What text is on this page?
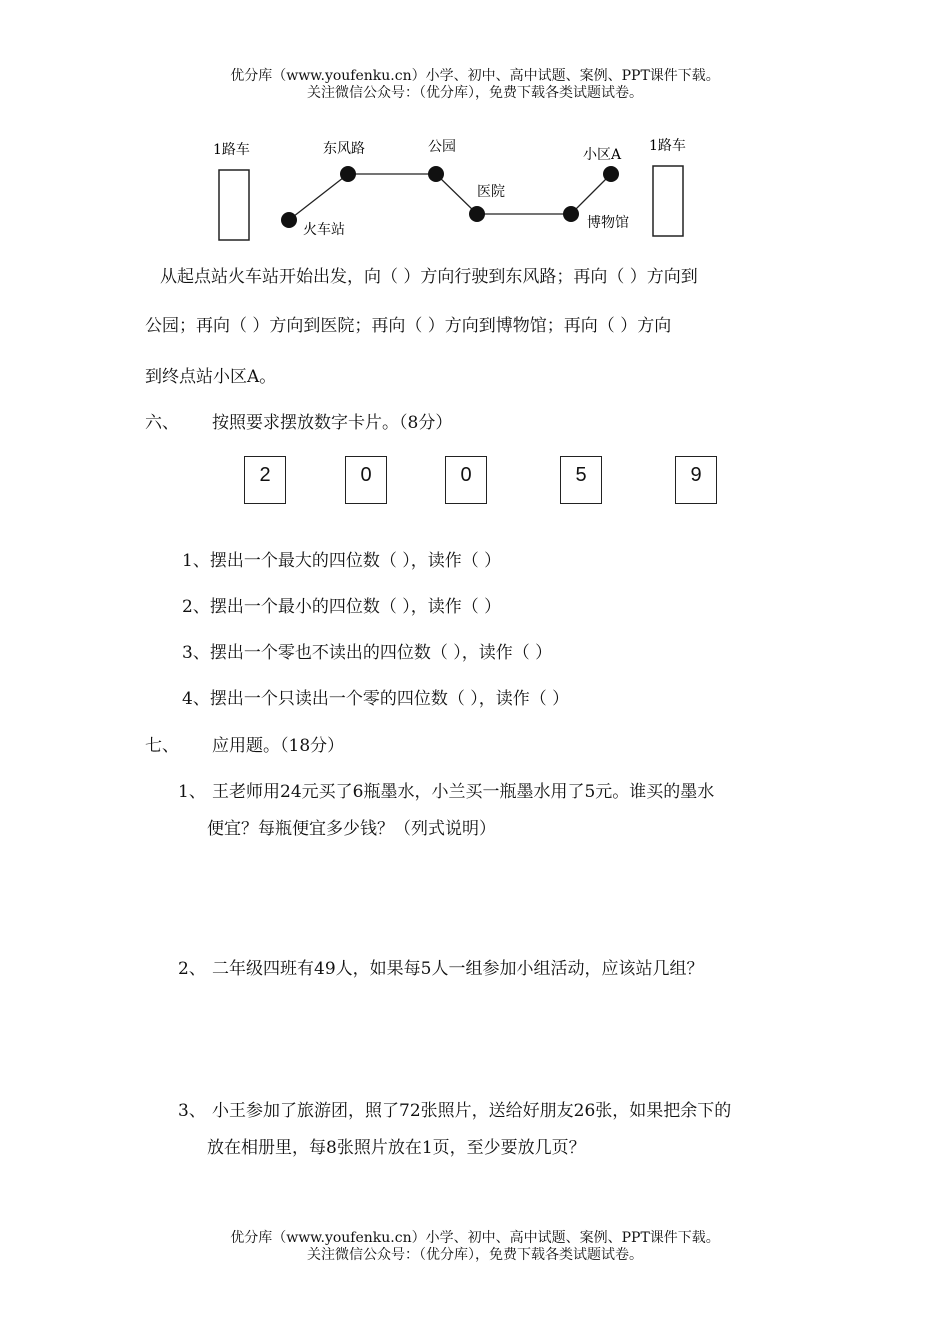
优分库（www.youfenku.cn）小学、初中、高中试题、案例、PPT课件下载。
关注微信公众号：（优分库），免费下载各类试题试卷。
1路车	1路车
火车站
东风路	公园
医院
博物馆
小区A
从起点站火车站开始出发，向（ ）方向行驶到东风路；再向（ ）方向到
公园；再向（ ）方向到医院；再向（ ）方向到博物馆；再向（ ）方向
到终点站小区A。
六、 按照要求摆放数字卡片。（8分）
2	0	0	5	9
1、摆出一个最大的四位数（ ），读作（ ）
2、摆出一个最小的四位数（ ），读作（ ）
3、摆出一个零也不读出的四位数（ ），读作（ ）
4、摆出一个只读出一个零的四位数（ ），读作（ ）
七、 应用题。（18分）
1、 王老师用24元买了6瓶墨水，小兰买一瓶墨水用了5元。谁买的墨水
便宜？每瓶便宜多少钱？（列式说明）
2、 二年级四班有49人，如果每5人一组参加小组活动，应该站几组？
3、 小王参加了旅游团，照了72张照片，送给好朋友26张，如果把余下的
放在相册里，每8张照片放在1页，至少要放几页？
优分库（www.youfenku.cn）小学、初中、高中试题、案例、PPT课件下载。
关注微信公众号：（优分库），免费下载各类试题试卷。
